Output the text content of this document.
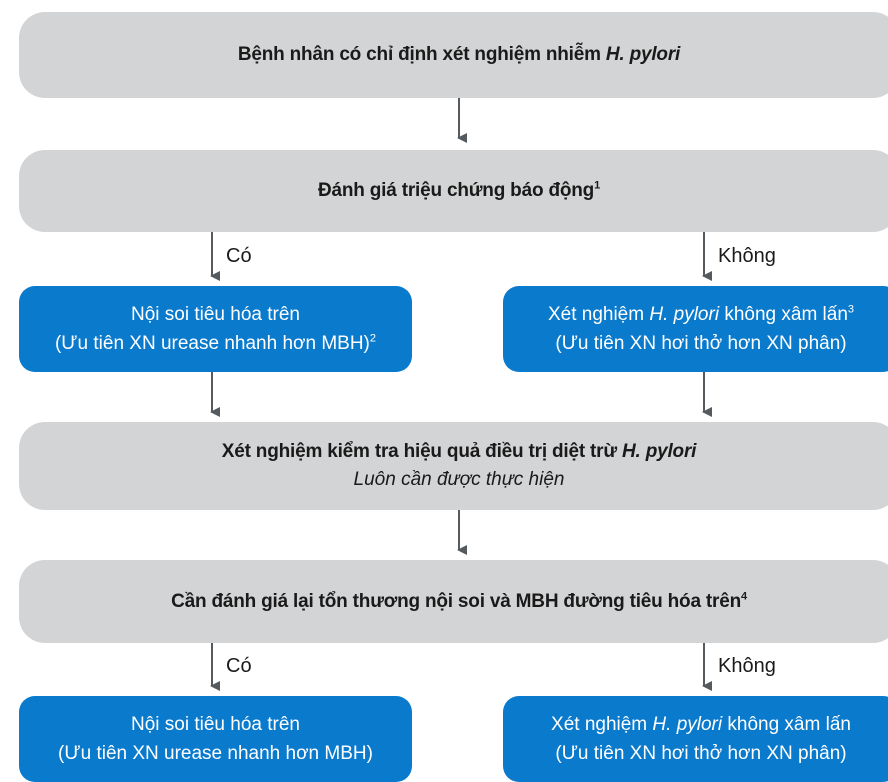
Bệnh nhân có chỉ định xét nghiệm nhiễm H. pylori
Đánh giá triệu chứng báo động$^1$
Có	Không
Nội soi tiêu hóa trên
(Ưu tiên XN urease nhanh hơn MBH)$^2$
Xét nghiệm H. pylori không xâm lấn$^3$
(Ưu tiên XN hơi thở hơn XN phân)
Xét nghiệm kiểm tra hiệu quả điều trị diệt trừ H. pylori
Luôn cần được thực hiện
Cần đánh giá lại tổn thương nội soi và MBH đường tiêu hóa trên$^4$
Có	Không
Nội soi tiêu hóa trên
(Ưu tiên XN urease nhanh hơn MBH)
Xét nghiệm H. pylori không xâm lấn
(Ưu tiên XN hơi thở hơn XN phân)
